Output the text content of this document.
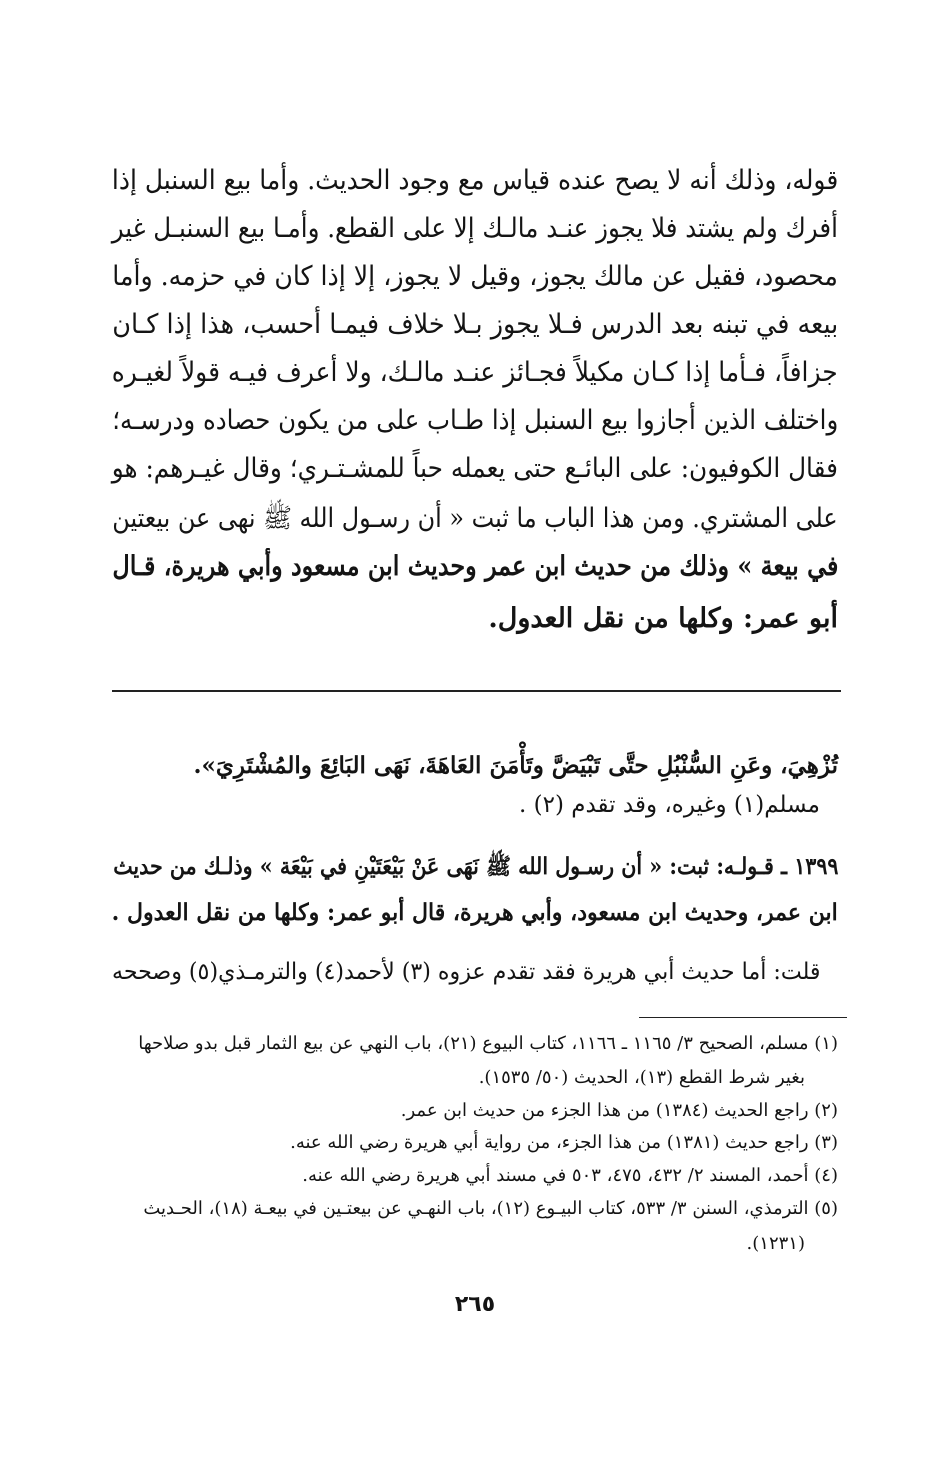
قوله، وذلك أنه لا يصح عنده قياس مع وجود الحديث. وأما بيع السنبل إذا
أفرك ولم يشتد فلا يجوز عنـد مالـك إلا على القطع. وأمـا بيع السنبـل غير
محصود، فقيل عن مالك يجوز، وقيل لا يجوز، إلا إذا كان في حزمه. وأما
بيعه في تبنه بعد الدرس فـلا يجوز بـلا خلاف فيمـا أحسب، هذا إذا كـان
جزافاً، فـأما إذا كـان مكيلاً فجـائز عنـد مالـك، ولا أعرف فيـه قولاً لغيـره
واختلف الذين أجازوا بيع السنبل إذا طـاب على من يكون حصاده ودرسـه؛
فقال الكوفيون: على البائـع حتى يعمله حباً للمشـتـري؛ وقال غيـرهم: هو
على المشتري. ومن هذا الباب ما ثبت « أن رسـول الله ﷺ نهى عن بيعتين
في بيعة » وذلك من حديث ابن عمر وحديث ابن مسعود وأبي هريرة، قـال
أبو عمر: وكلها من نقل العدول.
تُزْهِيَ، وعَنِ السُّنْبُلِ حتَّى تَبْيَضَّ وتَأْمَنَ العَاهَةَ، نَهَى البَائِعَ والمُشْتَرِيَ».
مسلم(١) وغيره، وقد تقدم (٢) .
١٣٩٩ ـ قـولـه: ثبت: « أن رسـول الله ﷺ نَهَى عَنْ بَيْعَتَيْنِ في بَيْعَة » وذلـك من حديث
ابن عمر، وحديث ابن مسعود، وأبي هريرة، قال أبو عمر: وكلها من نقل العدول .
قلت: أما حديث أبي هريرة فقد تقدم عزوه (٣) لأحمد(٤) والترمـذي(٥) وصححه
(١) مسلم، الصحيح ٣/ ١١٦٥ ـ ١١٦٦، كتاب البيوع (٢١)، باب النهي عن بيع الثمار قبل بدو صلاحها
بغير شرط القطع (١٣)، الحديث (٥٠/ ١٥٣٥).
(٢) راجع الحديث (١٣٨٤) من هذا الجزء من حديث ابن عمر.
(٣) راجع حديث (١٣٨١) من هذا الجزء، من رواية أبي هريرة رضي الله عنه.
(٤) أحمد، المسند ٢/ ٤٣٢، ٤٧٥، ٥٠٣ في مسند أبي هريرة رضي الله عنه.
(٥) الترمذي، السنن ٣/ ٥٣٣، كتاب البيـوع (١٢)، باب النهـي عن بيعتـين في بيعـة (١٨)، الحـديث
(١٢٣١).
٢٦٥
